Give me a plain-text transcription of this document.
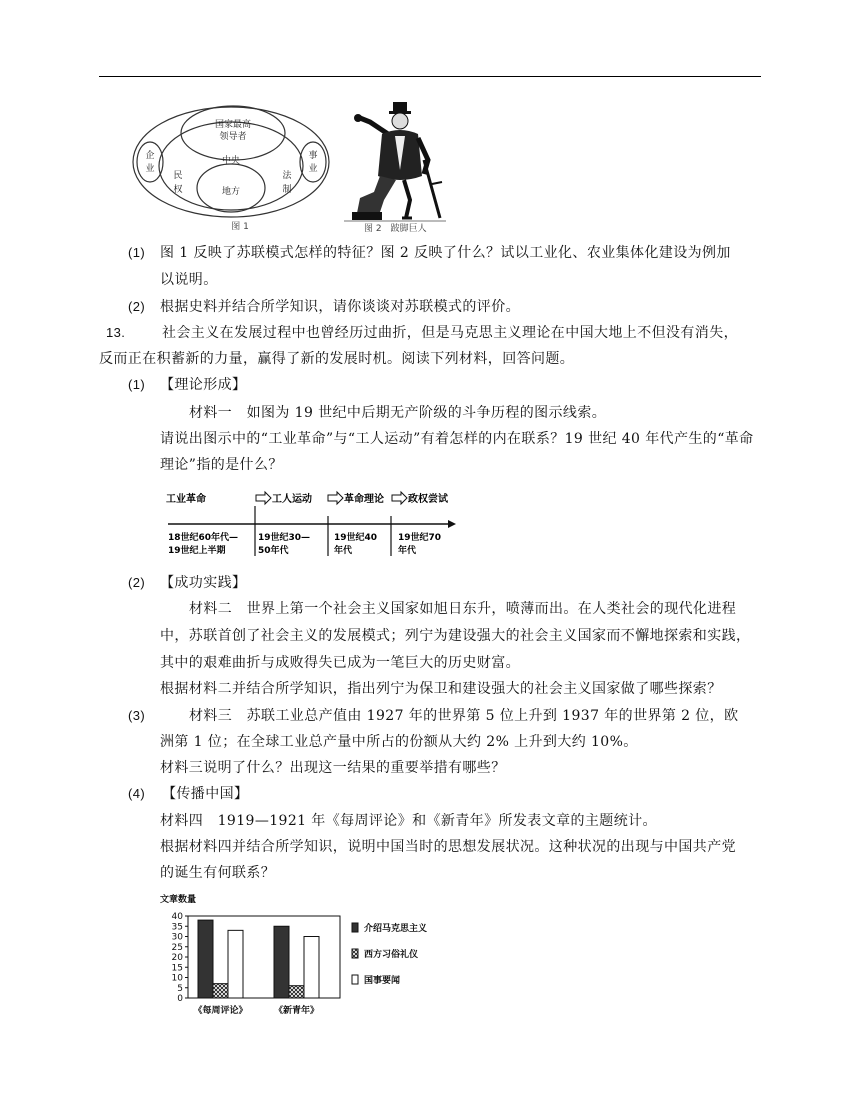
国家最高
领导者
中央
地方
民
权
法
制
企
业
事
业
图 1	图 2　跛脚巨人
(1) 图 1 反映了苏联模式怎样的特征？图 2 反映了什么？试以工业化、农业集体化建设为例加
以说明。
(2) 根据史料并结合所学知识，请你谈谈对苏联模式的评价。
13.	社会主义在发展过程中也曾经历过曲折，但是马克思主义理论在中国大地上不但没有消失，
反而正在积蓄新的力量，赢得了新的发展时机。阅读下列材料，回答问题。
(1) 【理论形成】
材料一　如图为 19 世纪中后期无产阶级的斗争历程的图示线索。
请说出图示中的“工业革命”与“工人运动”有着怎样的内在联系？19 世纪 40 年代产生的“革命
理论”指的是什么？
工业革命	工人运动	革命理论 政权尝试
18世纪60年代—
19世纪上半期
19世纪30—
50年代
19世纪40
年代
19世纪70
年代
(2) 【成功实践】
材料二　世界上第一个社会主义国家如旭日东升，喷薄而出。在人类社会的现代化进程
中，苏联首创了社会主义的发展模式；列宁为建设强大的社会主义国家而不懈地探索和实践，
其中的艰难曲折与成败得失已成为一笔巨大的历史财富。
根据材料二并结合所学知识，指出列宁为保卫和建设强大的社会主义国家做了哪些探索？
(3)	材料三　苏联工业总产值由 1927 年的世界第 5 位上升到 1937 年的世界第 2 位，欧
洲第 1 位；在全球工业总产量中所占的份额从大约 2% 上升到大约 10%。
材料三说明了什么？出现这一结果的重要举措有哪些？
(4) 【传播中国】
材料四　1919—1921 年《每周评论》和《新青年》所发表文章的主题统计。
根据材料四并结合所学知识，说明中国当时的思想发展状况。这种状况的出现与中国共产党
的诞生有何联系？
文章数量
0
5
10
15
20
25
30
35
40
《每周评论》	《新青年》
介绍马克思主义
西方习俗礼仪
国事要闻
